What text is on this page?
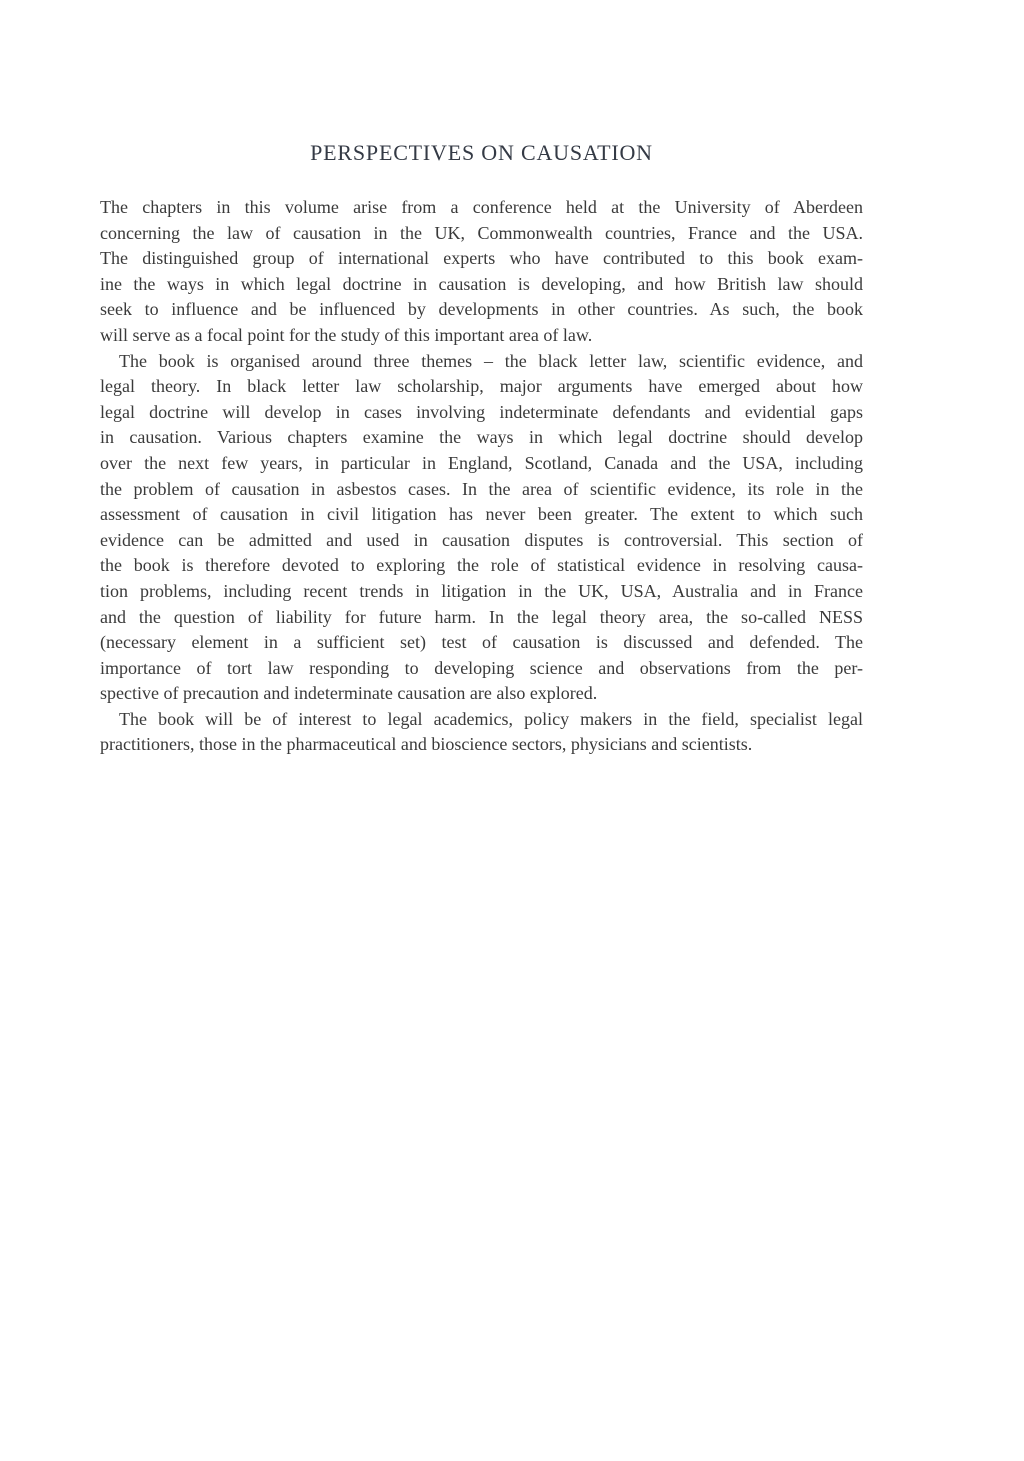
PERSPECTIVES ON CAUSATION
The chapters in this volume arise from a conference held at the University of Aberdeen
concerning the law of causation in the UK, Commonwealth countries, France and the USA.
The distinguished group of international experts who have contributed to this book exam-
ine the ways in which legal doctrine in causation is developing, and how British law should
seek to influence and be influenced by developments in other countries. As such, the book
will serve as a focal point for the study of this important area of law.
The book is organised around three themes – the black letter law, scientific evidence, and
legal theory. In black letter law scholarship, major arguments have emerged about how
legal doctrine will develop in cases involving indeterminate defendants and evidential gaps
in causation. Various chapters examine the ways in which legal doctrine should develop
over the next few years, in particular in England, Scotland, Canada and the USA, including
the problem of causation in asbestos cases. In the area of scientific evidence, its role in the
assessment of causation in civil litigation has never been greater. The extent to which such
evidence can be admitted and used in causation disputes is controversial. This section of
the book is therefore devoted to exploring the role of statistical evidence in resolving causa-
tion problems, including recent trends in litigation in the UK, USA, Australia and in France
and the question of liability for future harm. In the legal theory area, the so-called NESS
(necessary element in a sufficient set) test of causation is discussed and defended. The
importance of tort law responding to developing science and observations from the per-
spective of precaution and indeterminate causation are also explored.
The book will be of interest to legal academics, policy makers in the field, specialist legal
practitioners, those in the pharmaceutical and bioscience sectors, physicians and scientists.
